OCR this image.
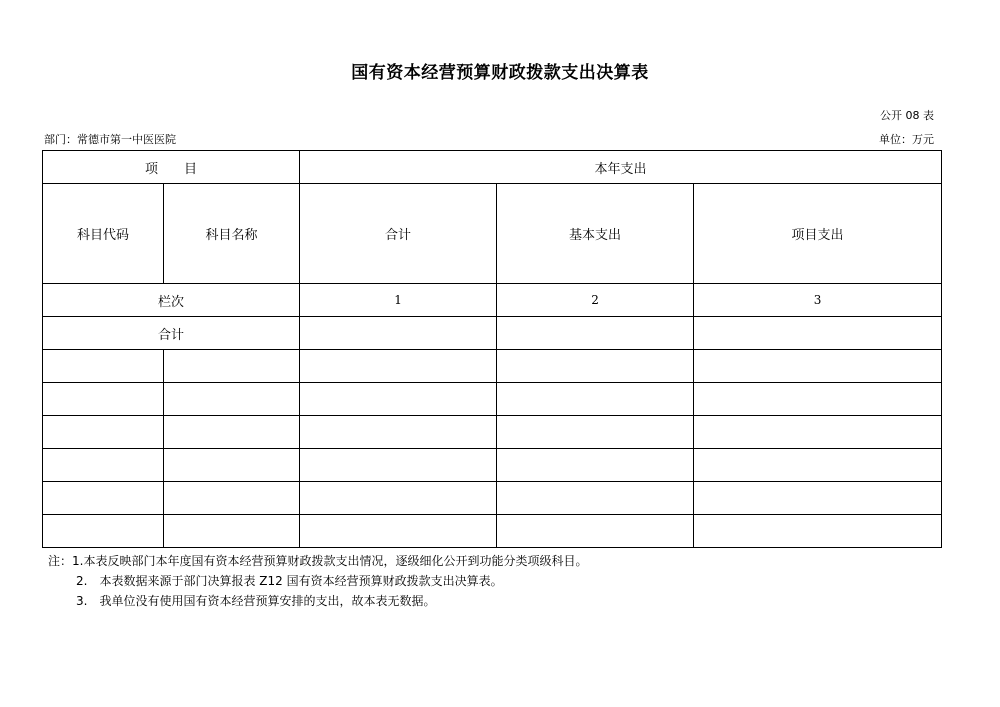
国有资本经营预算财政拨款支出决算表
公开 08 表
部门：常德市第一中医医院	单位：万元
项　　目		本年支出		
科目代码	科目名称	合计	基本支出	项目支出
栏次		1	2	3
合计				

注：1.本表反映部门本年度国有资本经营预算财政拨款支出情况，逐级细化公开到功能分类项级科目。
2.　本表数据来源于部门决算报表 Z12 国有资本经营预算财政拨款支出决算表。
3.　我单位没有使用国有资本经营预算安排的支出，故本表无数据。
